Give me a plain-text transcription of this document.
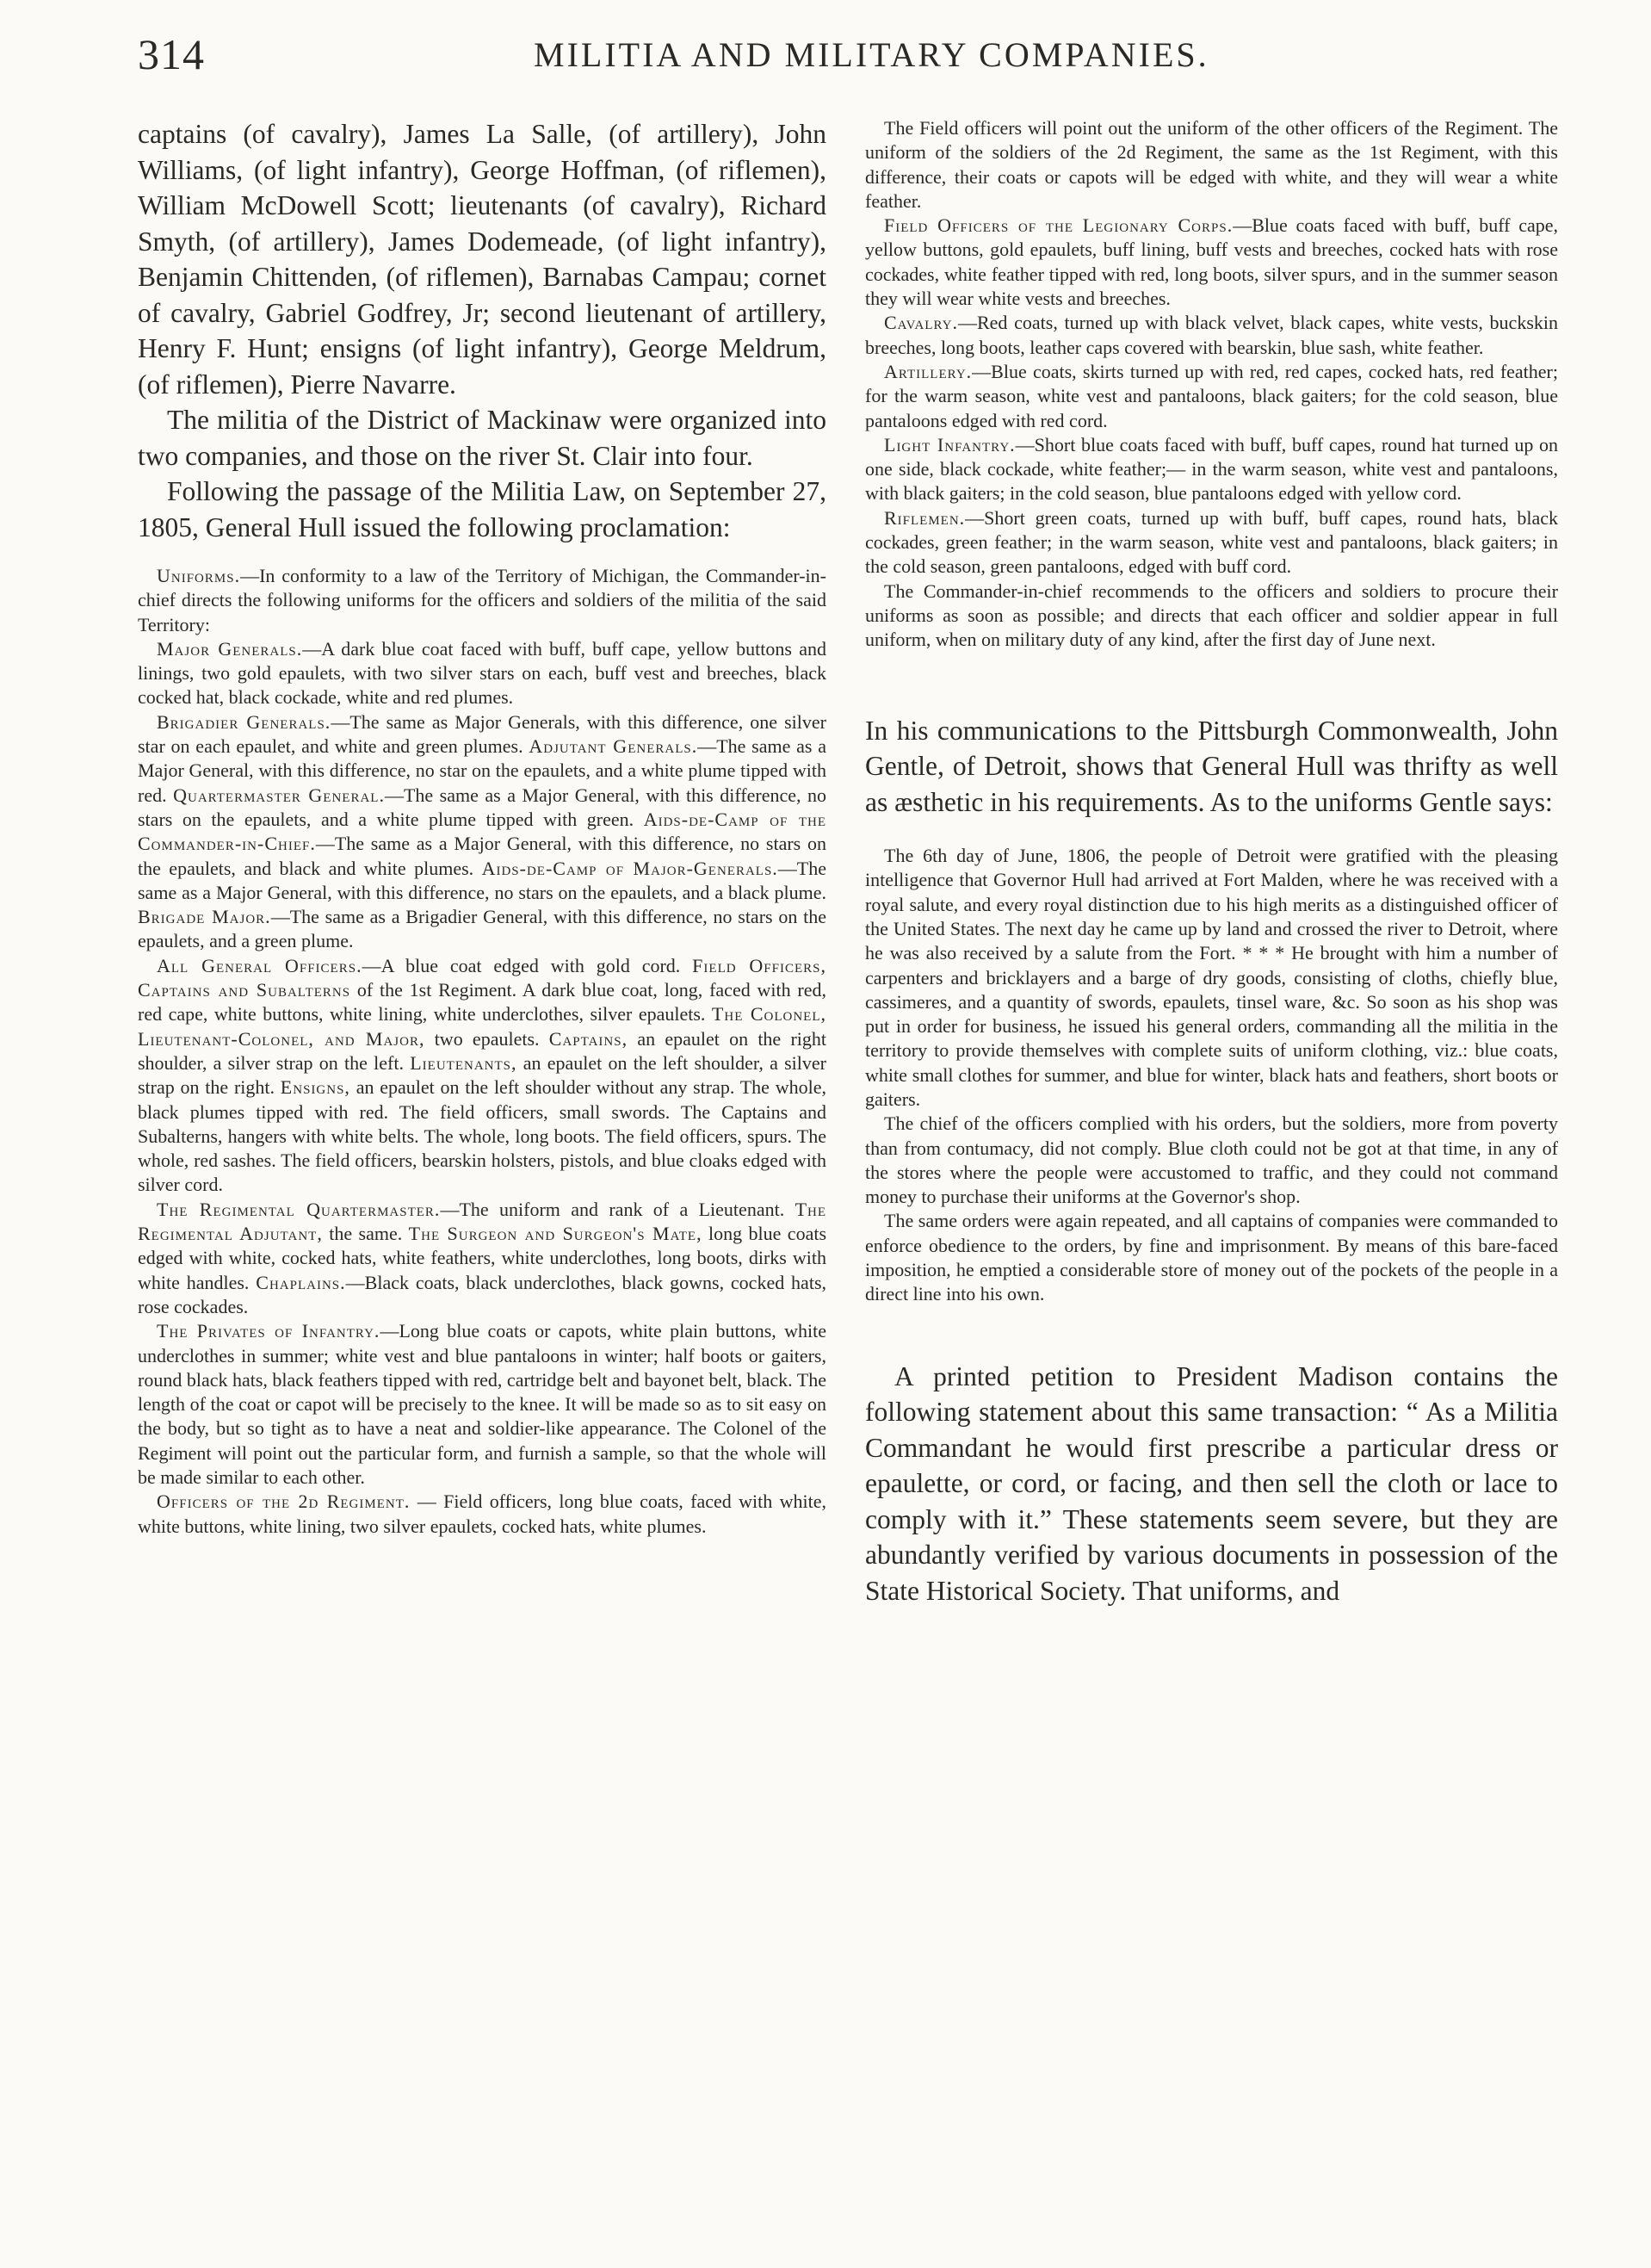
314	MILITIA AND MILITARY COMPANIES.

captains (of cavalry), James La Salle, (of artillery), John Williams, (of light infantry), George Hoffman, (of riflemen), William McDowell Scott; lieutenants (of cavalry), Richard Smyth, (of artillery), James Dodemeade, (of light infantry), Benjamin Chittenden, (of riflemen), Barnabas Campau; cornet of cavalry, Gabriel Godfrey, Jr; second lieutenant of artillery, Henry F. Hunt; ensigns (of light infantry), George Meldrum, (of riflemen), Pierre Navarre.

The militia of the District of Mackinaw were organized into two companies, and those on the river St. Clair into four.

Following the passage of the Militia Law, on September 27, 1805, General Hull issued the following proclamation:

Uniforms.—In conformity to a law of the Territory of Michigan, the Commander-in-chief directs the following uniforms for the officers and soldiers of the militia of the said Territory:

Major Generals.—A dark blue coat faced with buff, buff cape, yellow buttons and linings, two gold epaulets, with two silver stars on each, buff vest and breeches, black cocked hat, black cockade, white and red plumes.

Brigadier Generals.—The same as Major Generals, with this difference, one silver star on each epaulet, and white and green plumes. Adjutant Generals.—The same as a Major General, with this difference, no star on the epaulets, and a white plume tipped with red. Quartermaster General.—The same as a Major General, with this difference, no stars on the epaulets, and a white plume tipped with green. Aids-de-Camp of the Commander-in-Chief.—The same as a Major General, with this difference, no stars on the epaulets, and black and white plumes. Aids-de-Camp of Major-Generals.—The same as a Major General, with this difference, no stars on the epaulets, and a black plume. Brigade Major.—The same as a Brigadier General, with this difference, no stars on the epaulets, and a green plume.

All General Officers.—A blue coat edged with gold cord. Field Officers, Captains and Subalterns of the 1st Regiment. A dark blue coat, long, faced with red, red cape, white buttons, white lining, white underclothes, silver epaulets. The Colonel, Lieutenant-Colonel, and Major, two epaulets. Captains, an epaulet on the right shoulder, a silver strap on the left. Lieutenants, an epaulet on the left shoulder, a silver strap on the right. Ensigns, an epaulet on the left shoulder without any strap. The whole, black plumes tipped with red. The field officers, small swords. The Captains and Subalterns, hangers with white belts. The whole, long boots. The field officers, spurs. The whole, red sashes. The field officers, bearskin holsters, pistols, and blue cloaks edged with silver cord.

The Regimental Quartermaster.—The uniform and rank of a Lieutenant. The Regimental Adjutant, the same. The Surgeon and Surgeon's Mate, long blue coats edged with white, cocked hats, white feathers, white underclothes, long boots, dirks with white handles. Chaplains.—Black coats, black underclothes, black gowns, cocked hats, rose cockades.

The Privates of Infantry.—Long blue coats or capots, white plain buttons, white underclothes in summer; white vest and blue pantaloons in winter; half boots or gaiters, round black hats, black feathers tipped with red, cartridge belt and bayonet belt, black. The length of the coat or capot will be precisely to the knee. It will be made so as to sit easy on the body, but so tight as to have a neat and soldier-like appearance. The Colonel of the Regiment will point out the particular form, and furnish a sample, so that the whole will be made similar to each other.

Officers of the 2d Regiment. — Field officers, long blue coats, faced with white, white buttons, white lining, two silver epaulets, cocked hats, white plumes.

The Field officers will point out the uniform of the other officers of the Regiment. The uniform of the soldiers of the 2d Regiment, the same as the 1st Regiment, with this difference, their coats or capots will be edged with white, and they will wear a white feather.

Field Officers of the Legionary Corps.—Blue coats faced with buff, buff cape, yellow buttons, gold epaulets, buff lining, buff vests and breeches, cocked hats with rose cockades, white feather tipped with red, long boots, silver spurs, and in the summer season they will wear white vests and breeches.

Cavalry.—Red coats, turned up with black velvet, black capes, white vests, buckskin breeches, long boots, leather caps covered with bearskin, blue sash, white feather.

Artillery.—Blue coats, skirts turned up with red, red capes, cocked hats, red feather; for the warm season, white vest and pantaloons, black gaiters; for the cold season, blue pantaloons edged with red cord.

Light Infantry.—Short blue coats faced with buff, buff capes, round hat turned up on one side, black cockade, white feather;— in the warm season, white vest and pantaloons, with black gaiters; in the cold season, blue pantaloons edged with yellow cord.

Riflemen.—Short green coats, turned up with buff, buff capes, round hats, black cockades, green feather; in the warm season, white vest and pantaloons, black gaiters; in the cold season, green pantaloons, edged with buff cord.

The Commander-in-chief recommends to the officers and soldiers to procure their uniforms as soon as possible; and directs that each officer and soldier appear in full uniform, when on military duty of any kind, after the first day of June next.

In his communications to the Pittsburgh Commonwealth, John Gentle, of Detroit, shows that General Hull was thrifty as well as æsthetic in his requirements. As to the uniforms Gentle says:

The 6th day of June, 1806, the people of Detroit were gratified with the pleasing intelligence that Governor Hull had arrived at Fort Malden, where he was received with a royal salute, and every royal distinction due to his high merits as a distinguished officer of the United States. The next day he came up by land and crossed the river to Detroit, where he was also received by a salute from the Fort. * * * He brought with him a number of carpenters and bricklayers and a barge of dry goods, consisting of cloths, chiefly blue, cassimeres, and a quantity of swords, epaulets, tinsel ware, &c. So soon as his shop was put in order for business, he issued his general orders, commanding all the militia in the territory to provide themselves with complete suits of uniform clothing, viz.: blue coats, white small clothes for summer, and blue for winter, black hats and feathers, short boots or gaiters.

The chief of the officers complied with his orders, but the soldiers, more from poverty than from contumacy, did not comply. Blue cloth could not be got at that time, in any of the stores where the people were accustomed to traffic, and they could not command money to purchase their uniforms at the Governor's shop.

The same orders were again repeated, and all captains of companies were commanded to enforce obedience to the orders, by fine and imprisonment. By means of this bare-faced imposition, he emptied a considerable store of money out of the pockets of the people in a direct line into his own.

A printed petition to President Madison contains the following statement about this same transaction: “ As a Militia Commandant he would first prescribe a particular dress or epaulette, or cord, or facing, and then sell the cloth or lace to comply with it.” These statements seem severe, but they are abundantly verified by various documents in possession of the State Historical Society. That uniforms, and
